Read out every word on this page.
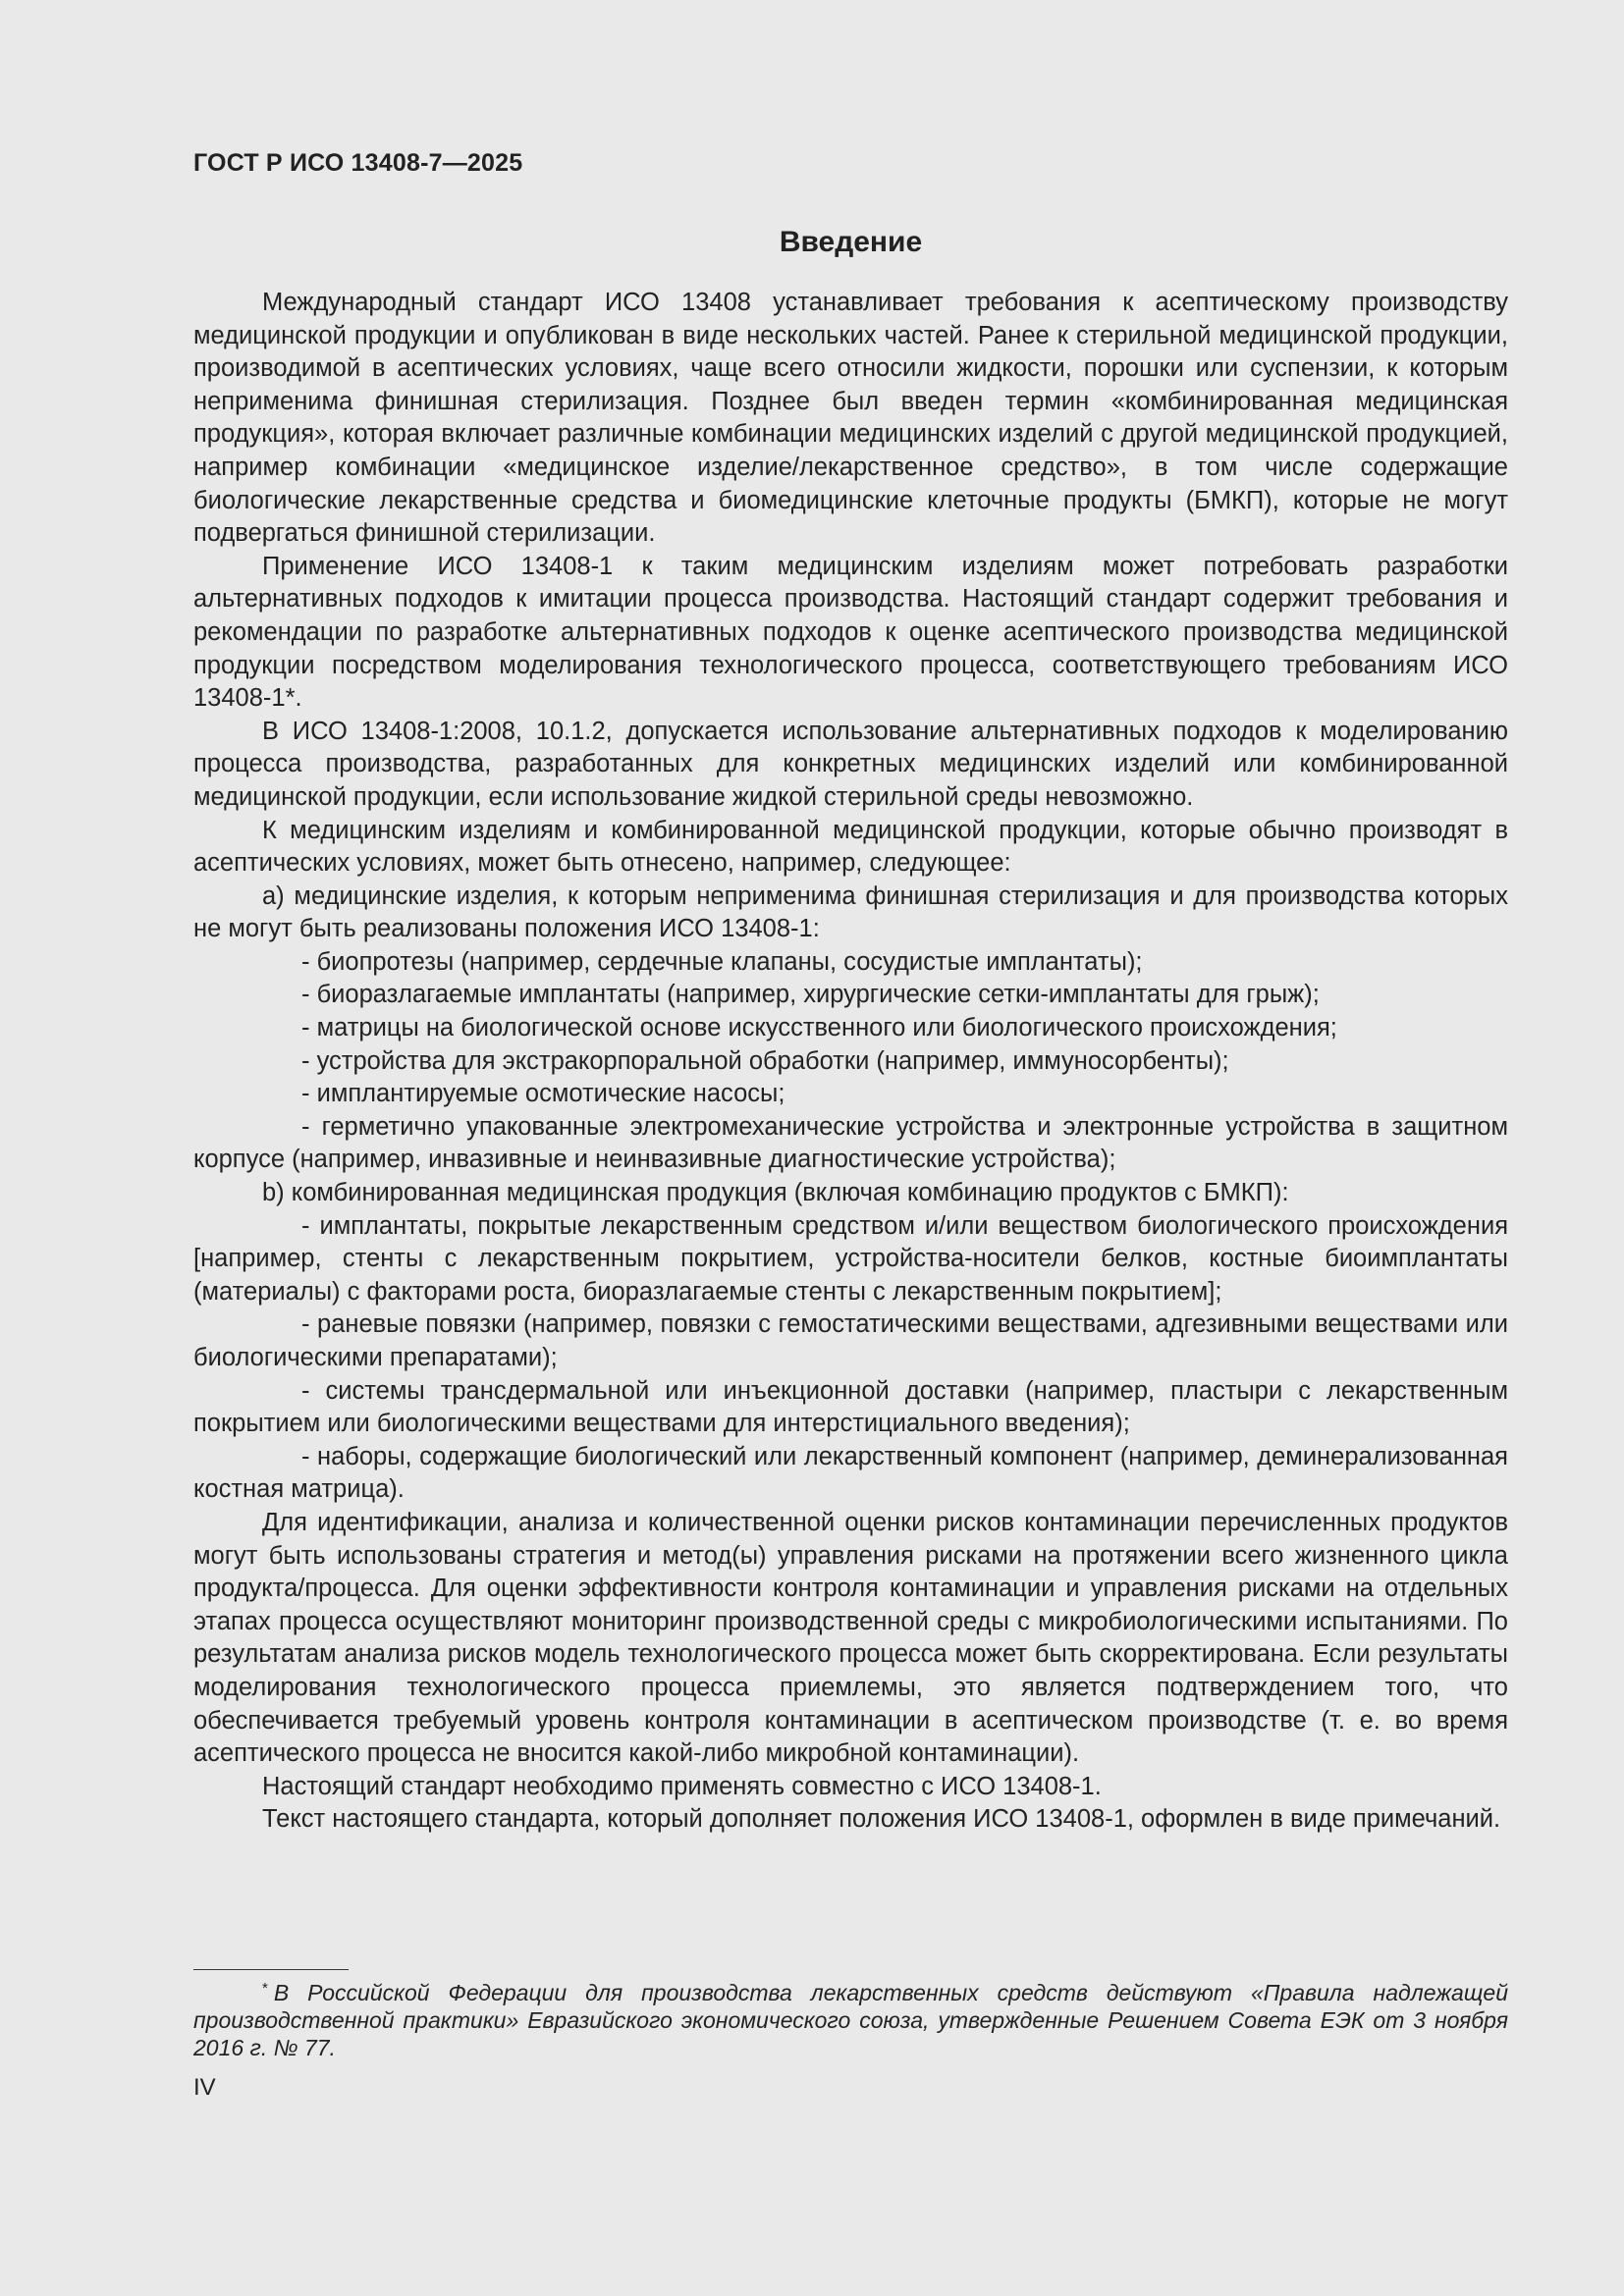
ГОСТ Р ИСО 13408-7—2025
Введение

Международный стандарт ИСО 13408 устанавливает требования к асептическому производству медицинской продукции и опубликован в виде нескольких частей. Ранее к стерильной медицинской продукции, производимой в асептических условиях, чаще всего относили жидкости, порошки или суспензии, к которым неприменима финишная стерилизация. Позднее был введен термин «комбинированная медицинская продукция», которая включает различные комбинации медицинских изделий с другой медицинской продукцией, например комбинации «медицинское изделие/лекарственное средство», в том числе содержащие биологические лекарственные средства и биомедицинские клеточные продукты (БМКП), которые не могут подвергаться финишной стерилизации.

Применение ИСО 13408-1 к таким медицинским изделиям может потребовать разработки альтернативных подходов к имитации процесса производства. Настоящий стандарт содержит требования и рекомендации по разработке альтернативных подходов к оценке асептического производства медицинской продукции посредством моделирования технологического процесса, соответствующего требованиям ИСО 13408-1*.

В ИСО 13408-1:2008, 10.1.2, допускается использование альтернативных подходов к моделированию процесса производства, разработанных для конкретных медицинских изделий или комбинированной медицинской продукции, если использование жидкой стерильной среды невозможно.

К медицинским изделиям и комбинированной медицинской продукции, которые обычно производят в асептических условиях, может быть отнесено, например, следующее:

a) медицинские изделия, к которым неприменима финишная стерилизация и для производства которых не могут быть реализованы положения ИСО 13408-1:

- биопротезы (например, сердечные клапаны, сосудистые имплантаты);

- биоразлагаемые имплантаты (например, хирургические сетки-имплантаты для грыж);

- матрицы на биологической основе искусственного или биологического происхождения;

- устройства для экстракорпоральной обработки (например, иммуносорбенты);

- имплантируемые осмотические насосы;

- герметично упакованные электромеханические устройства и электронные устройства в защитном корпусе (например, инвазивные и неинвазивные диагностические устройства);

b) комбинированная медицинская продукция (включая комбинацию продуктов с БМКП):

- имплантаты, покрытые лекарственным средством и/или веществом биологического происхождения [например, стенты с лекарственным покрытием, устройства-носители белков, костные биоимплантаты (материалы) с факторами роста, биоразлагаемые стенты с лекарственным покрытием];

- раневые повязки (например, повязки с гемостатическими веществами, адгезивными веществами или биологическими препаратами);

- системы трансдермальной или инъекционной доставки (например, пластыри с лекарственным покрытием или биологическими веществами для интерстициального введения);

- наборы, содержащие биологический или лекарственный компонент (например, деминерализованная костная матрица).

Для идентификации, анализа и количественной оценки рисков контаминации перечисленных продуктов могут быть использованы стратегия и метод(ы) управления рисками на протяжении всего жизненного цикла продукта/процесса. Для оценки эффективности контроля контаминации и управления рисками на отдельных этапах процесса осуществляют мониторинг производственной среды с микробиологическими испытаниями. По результатам анализа рисков модель технологического процесса может быть скорректирована. Если результаты моделирования технологического процесса приемлемы, это является подтверждением того, что обеспечивается требуемый уровень контроля контаминации в асептическом производстве (т. е. во время асептического процесса не вносится какой-либо микробной контаминации).

Настоящий стандарт необходимо применять совместно с ИСО 13408-1.

Текст настоящего стандарта, который дополняет положения ИСО 13408-1, оформлен в виде примечаний.

* В Российской Федерации для производства лекарственных средств действуют «Правила надлежащей производственной практики» Евразийского экономического союза, утвержденные Решением Совета ЕЭК от 3 ноября 2016 г. № 77.

IV
